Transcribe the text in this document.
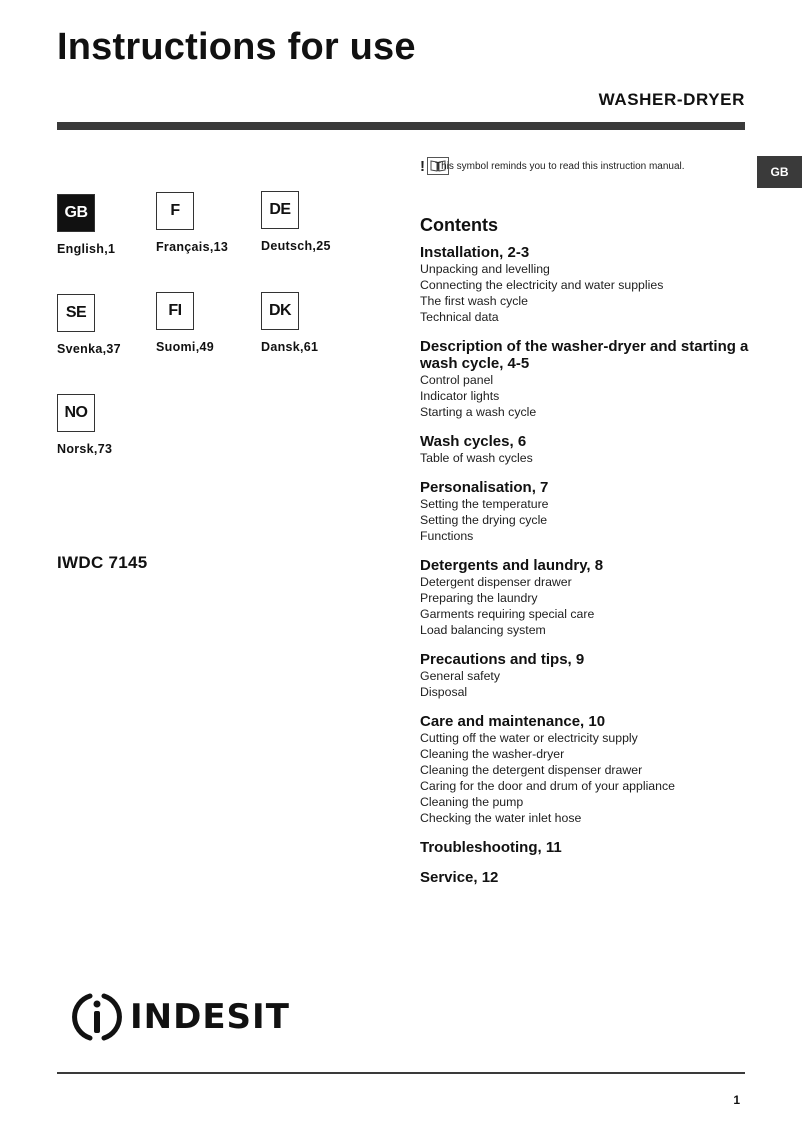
Instructions for use
WASHER-DRYER
GB
GB
English,1
F
Français,13
DE
Deutsch,25
SE
Svenka,37
FI
Suomi,49
DK
Dansk,61
NO
Norsk,73
IWDC 7145
! This symbol reminds you to read this instruction manual.
Contents
Installation, 2-3
Unpacking and levelling
Connecting the electricity and water supplies
The first wash cycle
Technical data
Description of the washer-dryer and starting a wash cycle, 4-5
Control panel
Indicator lights
Starting a wash cycle
Wash cycles, 6
Table of wash cycles
Personalisation, 7
Setting the temperature
Setting the drying cycle
Functions
Detergents and laundry, 8
Detergent dispenser drawer
Preparing the laundry
Garments requiring special care
Load balancing system
Precautions and tips, 9
General safety
Disposal
Care and maintenance, 10
Cutting off the water or electricity supply
Cleaning the washer-dryer
Cleaning the detergent dispenser drawer
Caring for the door and drum of your appliance
Cleaning the pump
Checking the water inlet hose
Troubleshooting, 11
Service, 12
INDESIT
1
